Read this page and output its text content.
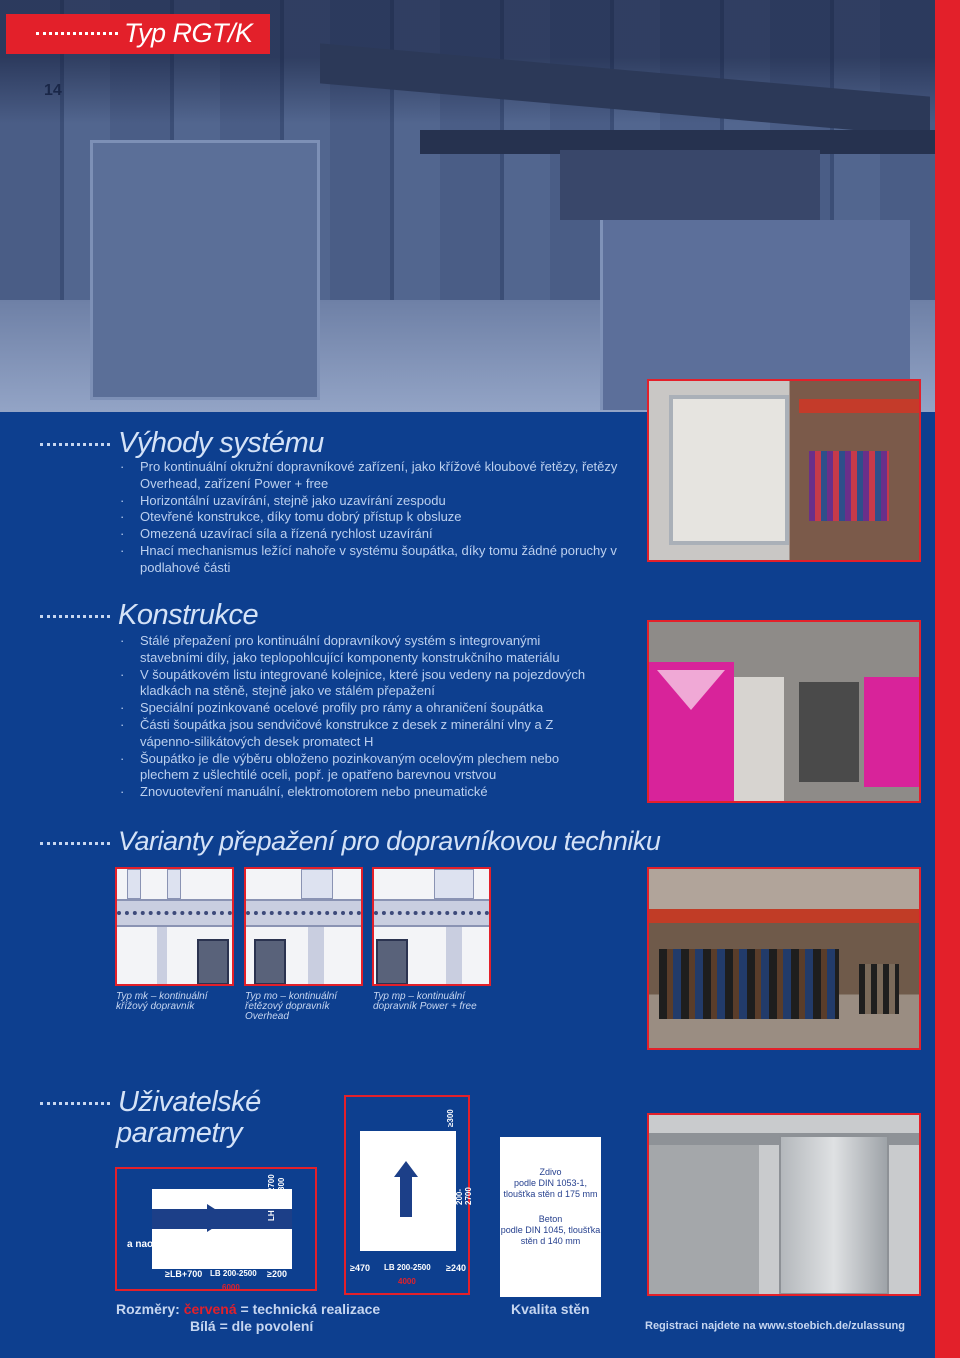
14
Typ RGT/K
Výhody systému
· Pro kontinuální okružní dopravníkové zařízení, jako křížové kloubové řetězy, řetězy Overhead, zařízení Power + free
· Horizontální uzavírání, stejně jako uzavírání zespodu
· Otevřené konstrukce, díky tomu dobrý přístup k obsluze
· Omezená uzavírací síla a řízená rychlost uzavírání
· Hnací mechanismus ležící nahoře v systému šoupátka, díky tomu žádné poruchy v podlahové části
Konstrukce
· Stálé přepažení pro kontinuální dopravníkový systém s integrovanými stavebními díly, jako teplopohlcující komponenty konstrukčního materiálu
· V šoupátkovém listu integrované kolejnice, které jsou vedeny na pojezdových kladkách na stěně, stejně jako ve stálém přepažení
· Speciální pozinkované ocelové profily pro rámy a ohraničení šoupátka
· Části šoupátka jsou sendvičové konstrukce z desek z minerální vlny a Z vápenno-silikátových desek promatect H
· Šoupátko je dle výběru obloženo pozinkovaným ocelovým plechem nebo plechem z ušlechtilé oceli, popř. je opatřeno barevnou vrstvou
· Znovuotevření manuální, elektromotorem nebo pneumatické
Varianty přepažení pro dopravníkovou techniku
Typ mk – kontinuální křížový dopravník
Typ mo – kontinuální řetězový dopravník Overhead
Typ mp – kontinuální dopravník Power + free
Uživatelské
parametry
a naopak
≥LB+700 LB 200-2500 ≥200
6000
LH 200-2700 300
≥470 LB 200-2500 ≥240
4000
LH 200-2700
≥LH+250
≥300
Zdivo
podle DIN 1053-1, tloušťka stěn d 175 mm
Beton
podle DIN 1045, tloušťka stěn d 140 mm
Rozměry: červená = technická realizace
Bílá = dle povolení
Kvalita stěn
Registraci najdete na www.stoebich.de/zulassung
